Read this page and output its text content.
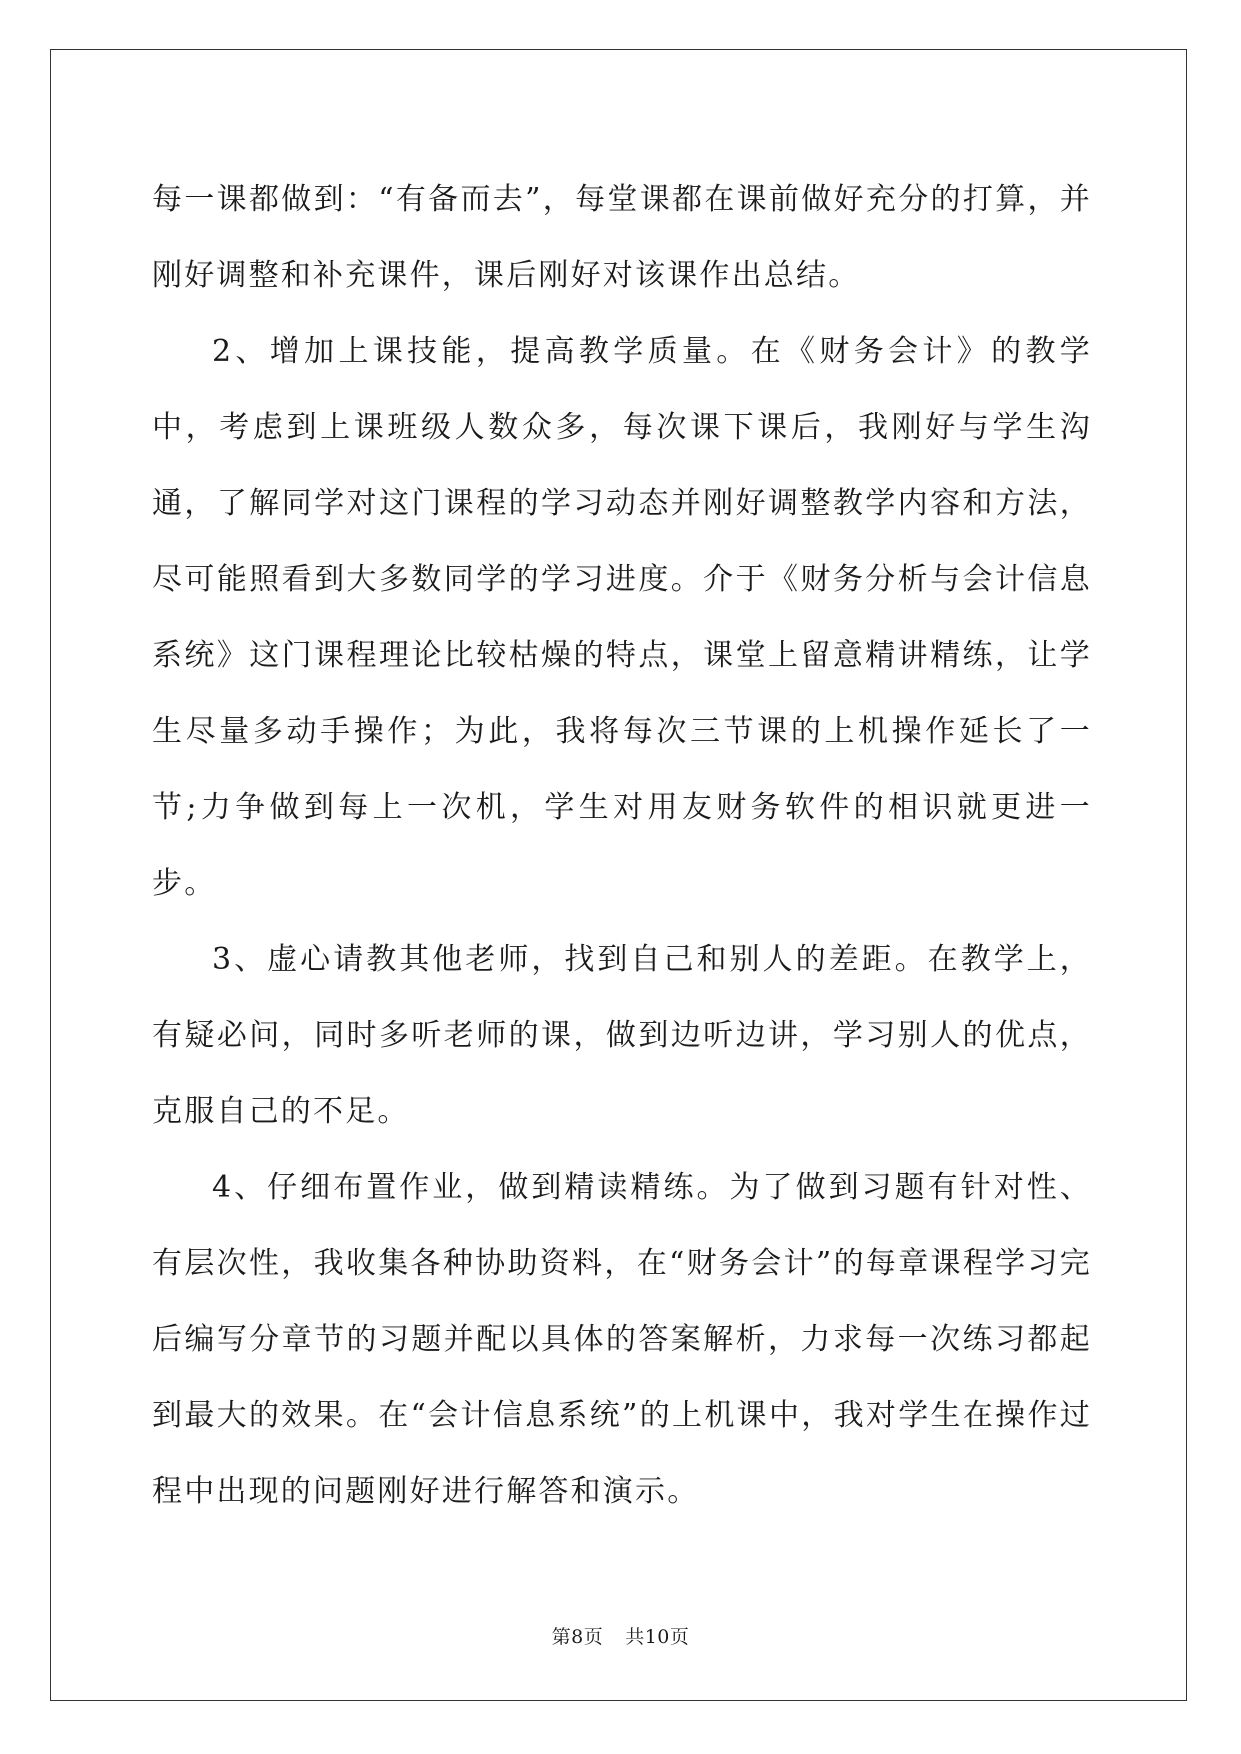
每一课都做到：“有备而去”，每堂课都在课前做好充分的打算，并刚好调整和补充课件，课后刚好对该课作出总结。

2、增加上课技能，提高教学质量。在《财务会计》的教学中，考虑到上课班级人数众多，每次课下课后，我刚好与学生沟通，了解同学对这门课程的学习动态并刚好调整教学内容和方法，尽可能照看到大多数同学的学习进度。介于《财务分析与会计信息系统》这门课程理论比较枯燥的特点，课堂上留意精讲精练，让学生尽量多动手操作；为此，我将每次三节课的上机操作延长了一节;力争做到每上一次机，学生对用友财务软件的相识就更进一步。

3、虚心请教其他老师，找到自己和别人的差距。在教学上，有疑必问，同时多听老师的课，做到边听边讲，学习别人的优点，克服自己的不足。

4、仔细布置作业，做到精读精练。为了做到习题有针对性、有层次性，我收集各种协助资料，在“财务会计”的每章课程学习完后编写分章节的习题并配以具体的答案解析，力求每一次练习都起到最大的效果。在“会计信息系统”的上机课中，我对学生在操作过程中出现的问题刚好进行解答和演示。

第8页 共10页
